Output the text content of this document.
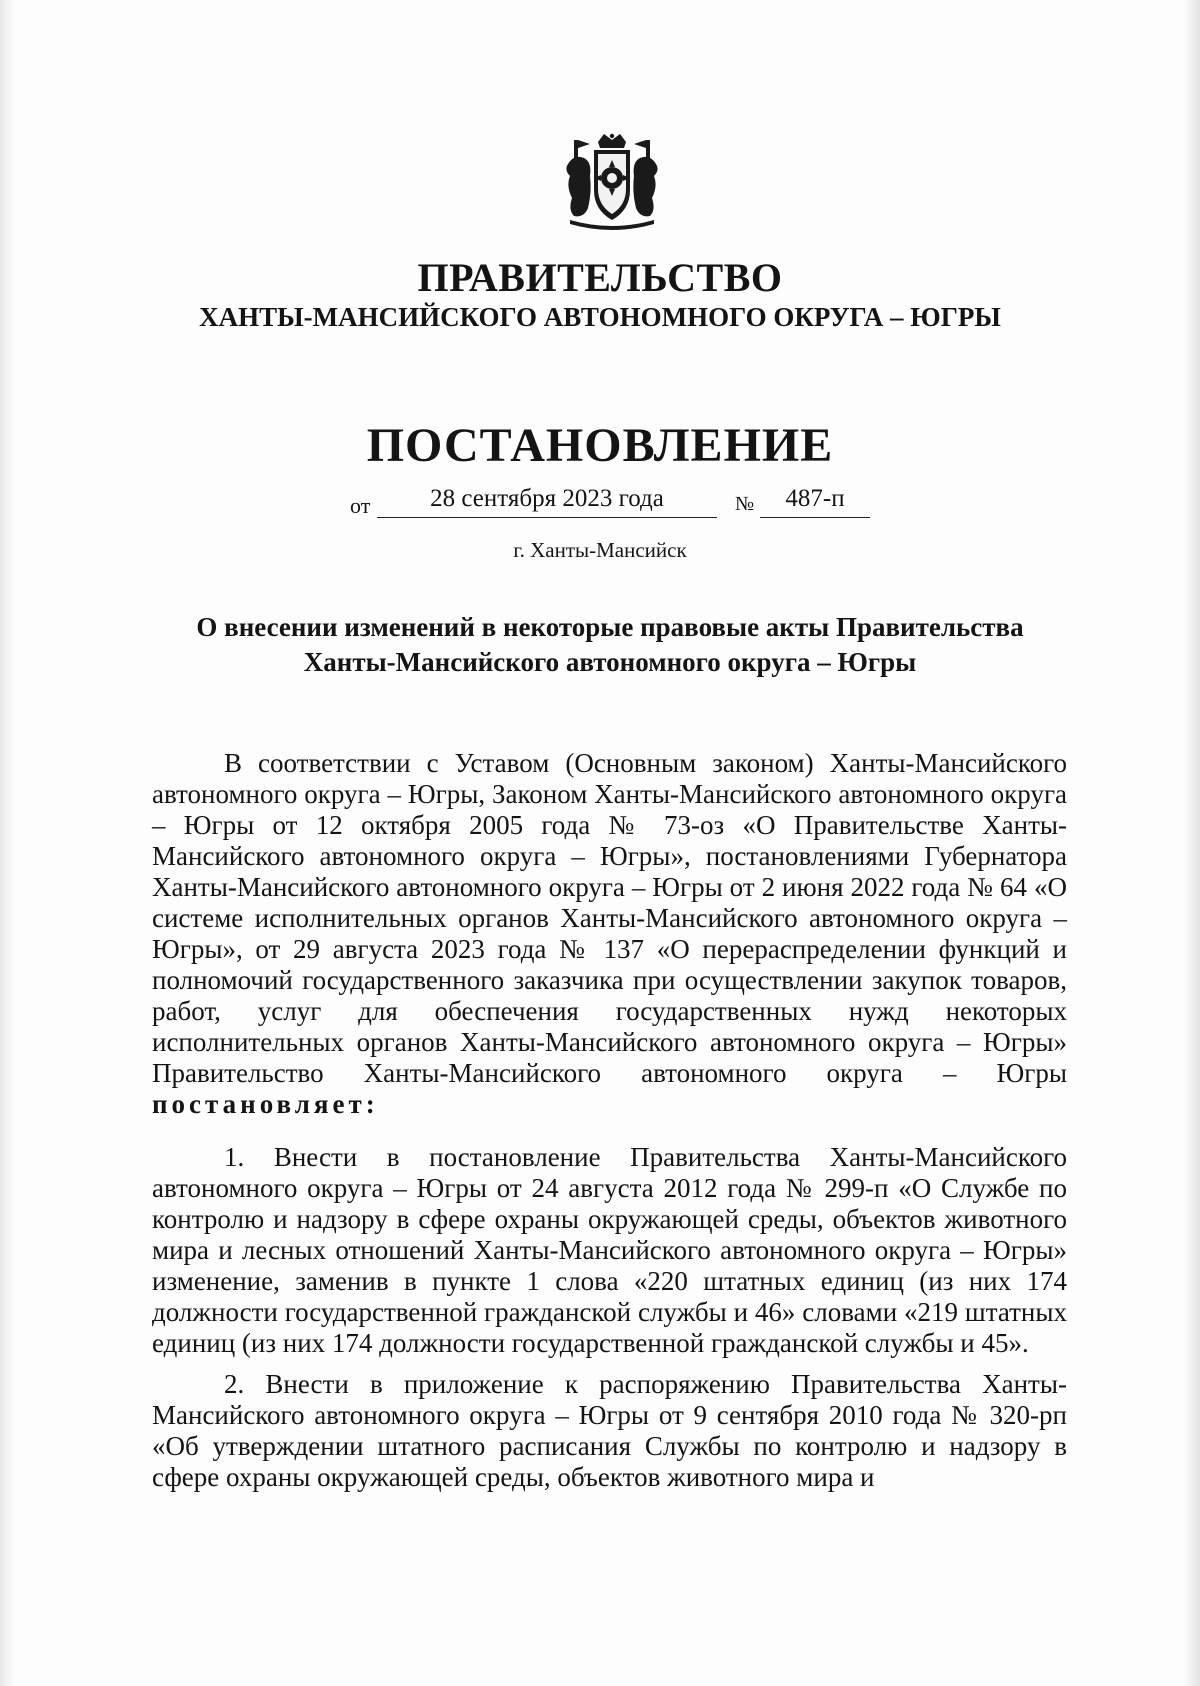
ПРАВИТЕЛЬСТВО
ХАНТЫ-МАНСИЙСКОГО АВТОНОМНОГО ОКРУГА – ЮГРЫ
ПОСТАНОВЛЕНИЕ
от	28 сентября 2023 года	№	487-п
г. Ханты-Мансийск
О внесении изменений в некоторые правовые акты Правительства
Ханты-Мансийского автономного округа – Югры

В соответствии с Уставом (Основным законом) Ханты-Мансийского автономного округа – Югры, Законом Ханты-Мансийского автономного округа – Югры от 12 октября 2005 года № 73-оз «О Правительстве Ханты-Мансийского автономного округа – Югры», постановлениями Губернатора Ханты-Мансийского автономного округа – Югры от 2 июня 2022 года № 64 «О системе исполнительных органов Ханты-Мансийского автономного округа – Югры», от 29 августа 2023 года № 137 «О перераспределении функций и полномочий государственного заказчика при осуществлении закупок товаров, работ, услуг для обеспечения государственных нужд некоторых исполнительных органов Ханты-Мансийского автономного округа – Югры» Правительство Ханты-Мансийского автономного округа – Югры постановляет:

1. Внести в постановление Правительства Ханты-Мансийского автономного округа – Югры от 24 августа 2012 года № 299-п «О Службе по контролю и надзору в сфере охраны окружающей среды, объектов животного мира и лесных отношений Ханты-Мансийского автономного округа – Югры» изменение, заменив в пункте 1 слова «220 штатных единиц (из них 174 должности государственной гражданской службы и 46» словами «219 штатных единиц (из них 174 должности государственной гражданской службы и 45».

2. Внести в приложение к распоряжению Правительства Ханты-Мансийского автономного округа – Югры от 9 сентября 2010 года № 320-рп «Об утверждении штатного расписания Службы по контролю и надзору в сфере охраны окружающей среды, объектов животного мира и
